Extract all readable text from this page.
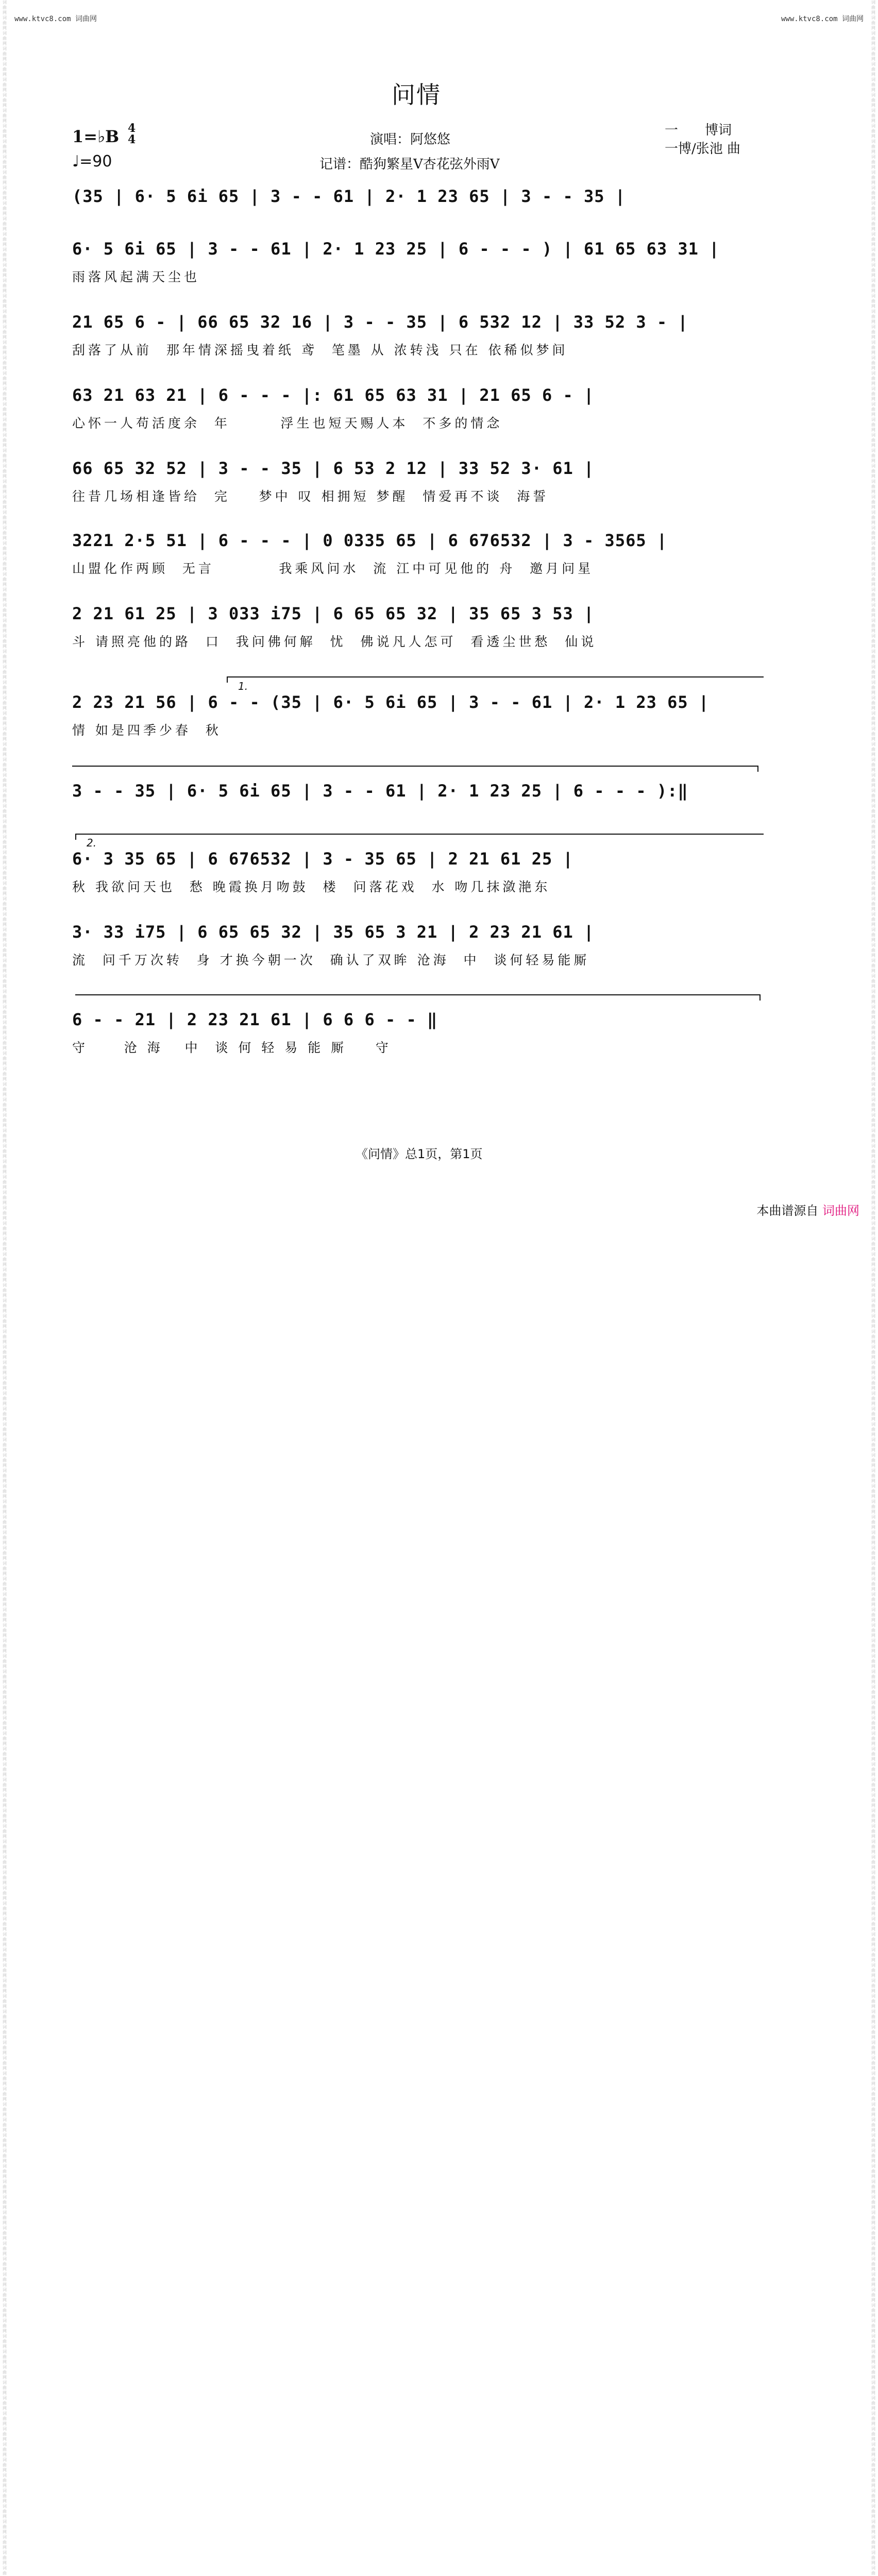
www.ktvc8.com 词曲网	www.ktvc8.com 词曲网
词曲网 词曲网 词曲网 词曲网 词曲网 词曲网 词曲网 词曲网 词曲网 词曲网 词曲网 词曲网 词曲网 词曲网 词曲网 词曲网 词曲网 词曲网 词曲网 词曲网 词曲网 词曲网 词曲网 词曲网 词曲网 词曲网 词曲网 词曲网 词曲网 词曲网 词曲网 词曲网 词曲网 词曲网 词曲网 词曲网 词曲网 词曲网 词曲网 词曲网 词曲网 词曲网 词曲网 词曲网 词曲网 词曲网 词曲网 词曲网 词曲网 词曲网 词曲网 词曲网 词曲网 词曲网 词曲网 词曲网 词曲网 词曲网 词曲网 词曲网 词曲网 词曲网 词曲网 词曲网 词曲网 词曲网 词曲网 词曲网 词曲网 词曲网 词曲网 词曲网 词曲网 词曲网 词曲网 词曲网 词曲网 词曲网 词曲网 词曲网 词曲网 词曲网 词曲网 词曲网 词曲网 词曲网 词曲网 词曲网 词曲网 词曲网 词曲网 词曲网 词曲网 词曲网 词曲网 词曲网 词曲网 词曲网 词曲网 词曲网 词曲网 词曲网 词曲网 词曲网 词曲网 词曲网 词曲网 词曲网 词曲网 词曲网 词曲网 词曲网 词曲网 词曲网 词曲网 词曲网 词曲网 词曲网 词曲网 词曲网 词曲网 词曲网 词曲网 词曲网 词曲网 词曲网 词曲网 词曲网 词曲网 词曲网 词曲网 词曲网 词曲网 词曲网 词曲网 词曲网 词曲网 词曲网 词曲网 词曲网 词曲网 词曲网 词曲网 词曲网 词曲网 词曲网 词曲网 词曲网 词曲网 词曲网 词曲网 词曲网 词曲网 词曲网 词曲网 词曲网 词曲网 词曲网 词曲网 词曲网 词曲网 词曲网 词曲网 词曲网 词曲网 词曲网 词曲
词曲网 词曲网 词曲网 词曲网 词曲网 词曲网 词曲网 词曲网 词曲网 词曲网 词曲网 词曲网 词曲网 词曲网 词曲网 词曲网 词曲网 词曲网 词曲网 词曲网 词曲网 词曲网 词曲网 词曲网 词曲网 词曲网 词曲网 词曲网 词曲网 词曲网 词曲网 词曲网 词曲网 词曲网 词曲网 词曲网 词曲网 词曲网 词曲网 词曲网 词曲网 词曲网 词曲网 词曲网 词曲网 词曲网 词曲网 词曲网 词曲网 词曲网 词曲网 词曲网 词曲网 词曲网 词曲网 词曲网 词曲网 词曲网 词曲网 词曲网 词曲网 词曲网 词曲网 词曲网 词曲网 词曲网 词曲网 词曲网 词曲网 词曲网 词曲网 词曲网 词曲网 词曲网 词曲网 词曲网 词曲网 词曲网 词曲网 词曲网 词曲网 词曲网 词曲网 词曲网 词曲网 词曲网 词曲网 词曲网 词曲网 词曲网 词曲网 词曲网 词曲网 词曲网 词曲网 词曲网 词曲网 词曲网 词曲网 词曲网 词曲网 词曲网 词曲网 词曲网 词曲网 词曲网 词曲网 词曲网 词曲网 词曲网 词曲网 词曲网 词曲网 词曲网 词曲网 词曲网 词曲网 词曲网 词曲网 词曲网 词曲网 词曲网 词曲网 词曲网 词曲网 词曲网 词曲网 词曲网 词曲网 词曲网 词曲网 词曲网 词曲网 词曲网 词曲网 词曲网 词曲网 词曲网 词曲网 词曲网 词曲网 词曲网 词曲网 词曲网 词曲网 词曲网 词曲网 词曲网 词曲网 词曲网 词曲网 词曲网 词曲网 词曲网 词曲网 词曲网 词曲网 词曲网 词曲网 词曲网 词曲网 词曲网 词曲网 词曲网 词曲网 词曲网 词曲
问情
1=♭B 4
4
♩=90
演唱：阿悠悠
记谱：酷狗繁星V杏花弦外雨V
一　　博词
一博/张池 曲
(35 | 6· 5 6i 65 | 3 - - 61 | 2· 1 23 65 | 3 - - 35 |
6· 5 6i 65 | 3 - - 61 | 2· 1 23 25 | 6 - - - ) | 61 65 63 31 |
雨落风起满天尘也
21 65 6 - | 66 65 32 16 | 3 - - 35 | 6 532 12 | 33 52 3 - |
刮落了从前  那年情深摇曳着纸 鸢  笔墨 从 浓转浅 只在 依稀似梦间
63 21 63 21 | 6 - - - |: 61 65 63 31 | 21 65 6 - |
心怀一人苟活度余  年       浮生也短天赐人本  不多的情念
66 65 32 52 | 3 - - 35 | 6 53 2 12 | 33 52 3· 61 |
往昔几场相逢皆给  完    梦中 叹 相拥短 梦醒  情爱再不谈  海誓
3221 2·5 51 | 6 - - - | 0 0335 65 | 6 676532 | 3 - 3565 |
山盟化作两顾  无言         我乘风问水  流 江中可见他的 舟  邀月问星
2 21 61 25 | 3 033 i75 | 6 65 65 32 | 35 65 3 53 |
斗 请照亮他的路  口  我问佛何解  忧  佛说凡人怎可  看透尘世愁  仙说
2 23 21 56 | 6 - - (35 | 6· 5 6i 65 | 3 - - 61 | 2· 1 23 65 |
情 如是四季少春  秋
3 - - 35 | 6· 5 6i 65 | 3 - - 61 | 2· 1 23 25 | 6 - - - ):‖
6· 3 35 65 | 6 676532 | 3 - 35 65 | 2 21 61 25 |
秋 我欲问天也  愁 晚霞换月吻鼓  楼  问落花戏  水 吻几抹潋滟东
3· 33 i75 | 6 65 65 32 | 35 65 3 21 | 2 23 21 61 |
流  问千万次转  身 才换今朝一次  确认了双眸 沧海  中  谈何轻易能厮
6 - - 21 | 2 23 21 61 | 6 6 6 - - ‖
守     沧 海   中  谈 何 轻 易 能 厮    守
1.
2.
《问情》总1页，第1页
本曲谱源自 词曲网
